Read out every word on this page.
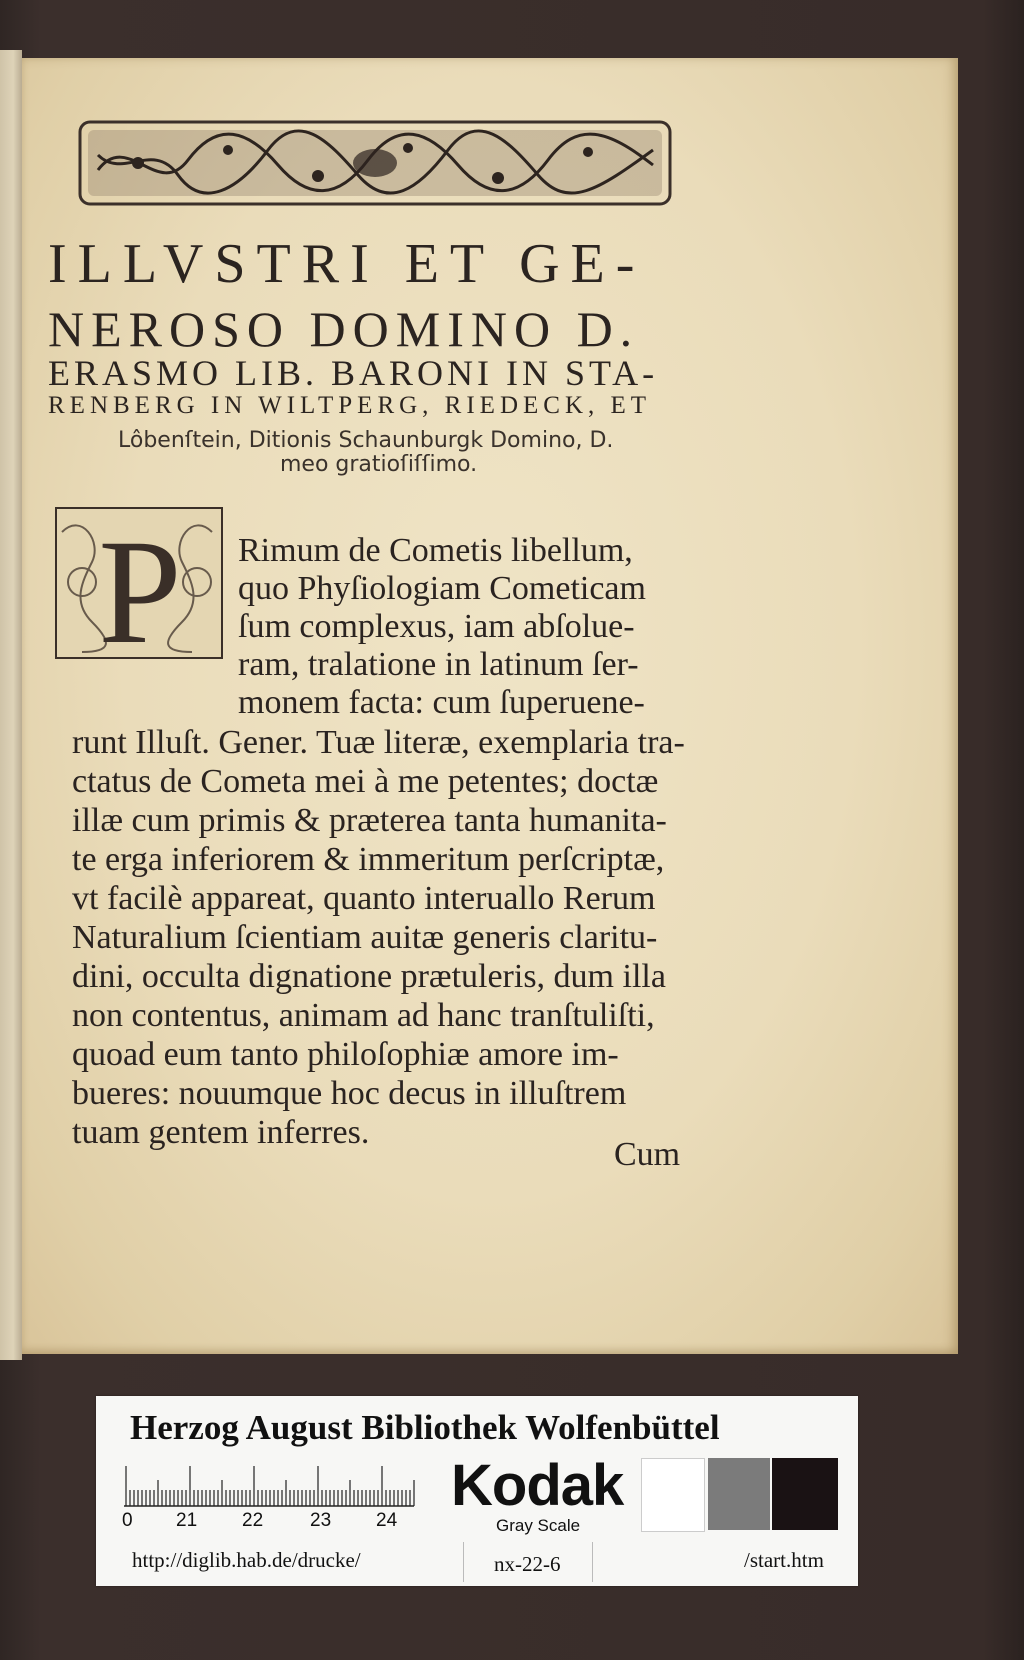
ILLVSTRI ET GE-
NEROSO DOMINO D.
ERASMO LIB. BARONI IN STA-
RENBERG IN WILTPERG, RIEDECK, ET
Lôbenſtein, Ditionis Schaunburgk Domino, D.
meo gratioſiſſimo.
P Rimum de Cometis libellum,
quo Phyſiologiam Cometicam
ſum complexus, iam abſolue-
ram, tralatione in latinum ſer-
monem facta: cum ſuperuene-
runt Illuſt. Gener. Tuæ literæ, exemplaria tra-
ctatus de Cometa mei à me petentes; doctæ
illæ cum primis & præterea tanta humanita-
te erga inferiorem & immeritum perſcriptæ,
vt facilè appareat, quanto interuallo Rerum
Naturalium ſcientiam auitæ generis claritu-
dini, occulta dignatione prætuleris, dum illa
non contentus, animam ad hanc tranſtuliſti,
quoad eum tanto philoſophiæ amore im-
bueres: nouumque hoc decus in illuſtrem
tuam gentem inferres.
Cum
Herzog August Bibliothek Wolfenbüttel
0 21 22 23 24
Kodak
Gray Scale
http://diglib.hab.de/drucke/	nx-22-6	/start.htm
